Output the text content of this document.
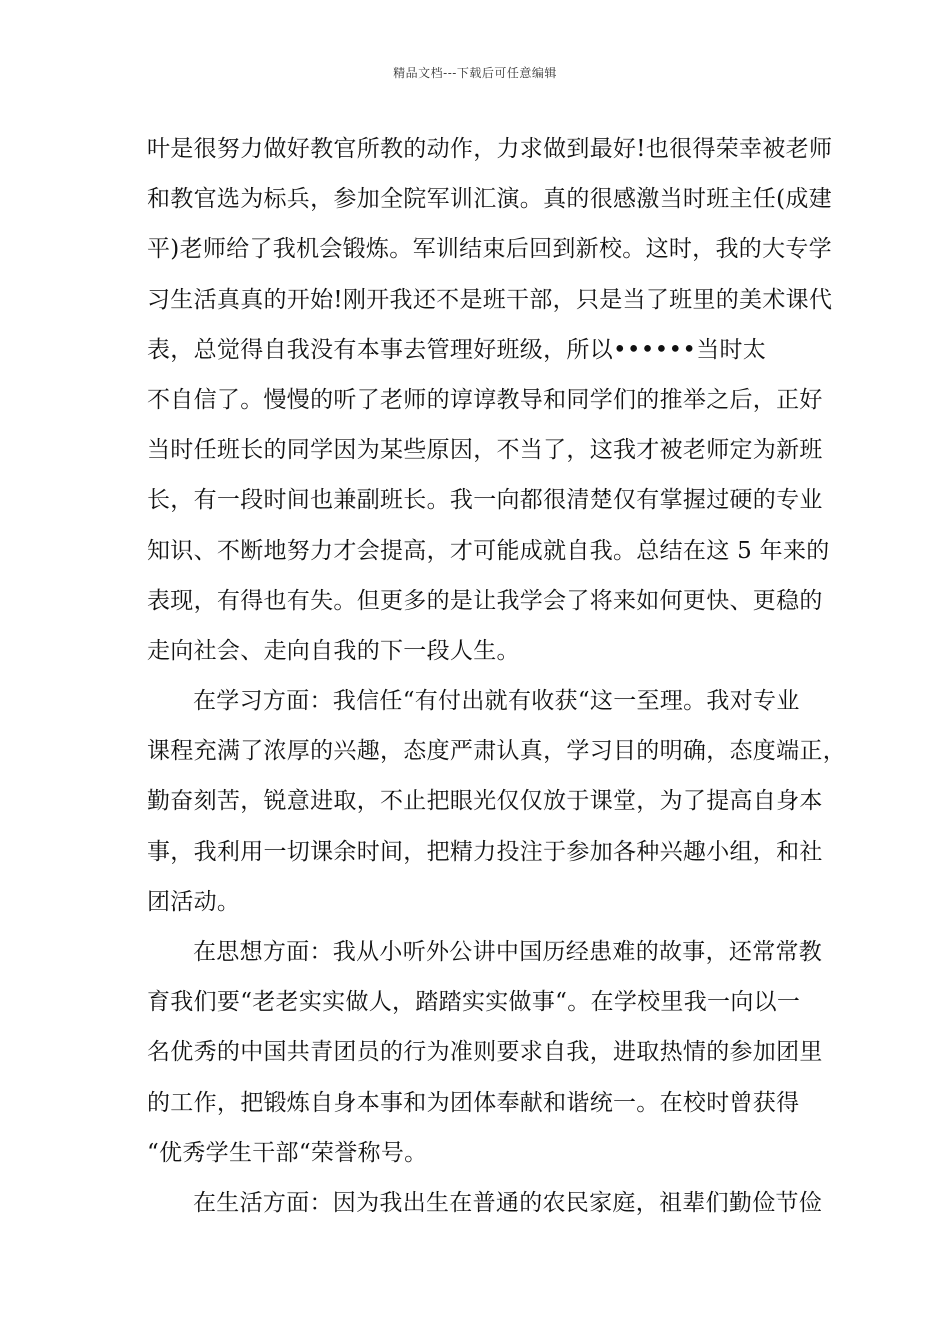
精品文档---下载后可任意编辑
叶是很努力做好教官所教的动作，力求做到最好!也很得荣幸被老师
和教官选为标兵，参加全院军训汇演。真的很感激当时班主任(成建
平)老师给了我机会锻炼。军训结束后回到新校。这时，我的大专学
习生活真真的开始!刚开我还不是班干部，只是当了班里的美术课代
表，总觉得自我没有本事去管理好班级，所以••••••当时太
不自信了。慢慢的听了老师的谆谆教导和同学们的推举之后，正好
当时任班长的同学因为某些原因，不当了，这我才被老师定为新班
长，有一段时间也兼副班长。我一向都很清楚仅有掌握过硬的专业
知识、不断地努力才会提高，才可能成就自我。总结在这 5 年来的
表现，有得也有失。但更多的是让我学会了将来如何更快、更稳的
走向社会、走向自我的下一段人生。
在学习方面：我信任“有付出就有收获“这一至理。我对专业
课程充满了浓厚的兴趣，态度严肃认真，学习目的明确，态度端正，
勤奋刻苦，锐意进取，不止把眼光仅仅放于课堂，为了提高自身本
事，我利用一切课余时间，把精力投注于参加各种兴趣小组，和社
团活动。
在思想方面：我从小听外公讲中国历经患难的故事，还常常教
育我们要“老老实实做人，踏踏实实做事“。在学校里我一向以一
名优秀的中国共青团员的行为准则要求自我，进取热情的参加团里
的工作，把锻炼自身本事和为团体奉献和谐统一。在校时曾获得
“优秀学生干部“荣誉称号。
在生活方面：因为我出生在普通的农民家庭，祖辈们勤俭节俭
